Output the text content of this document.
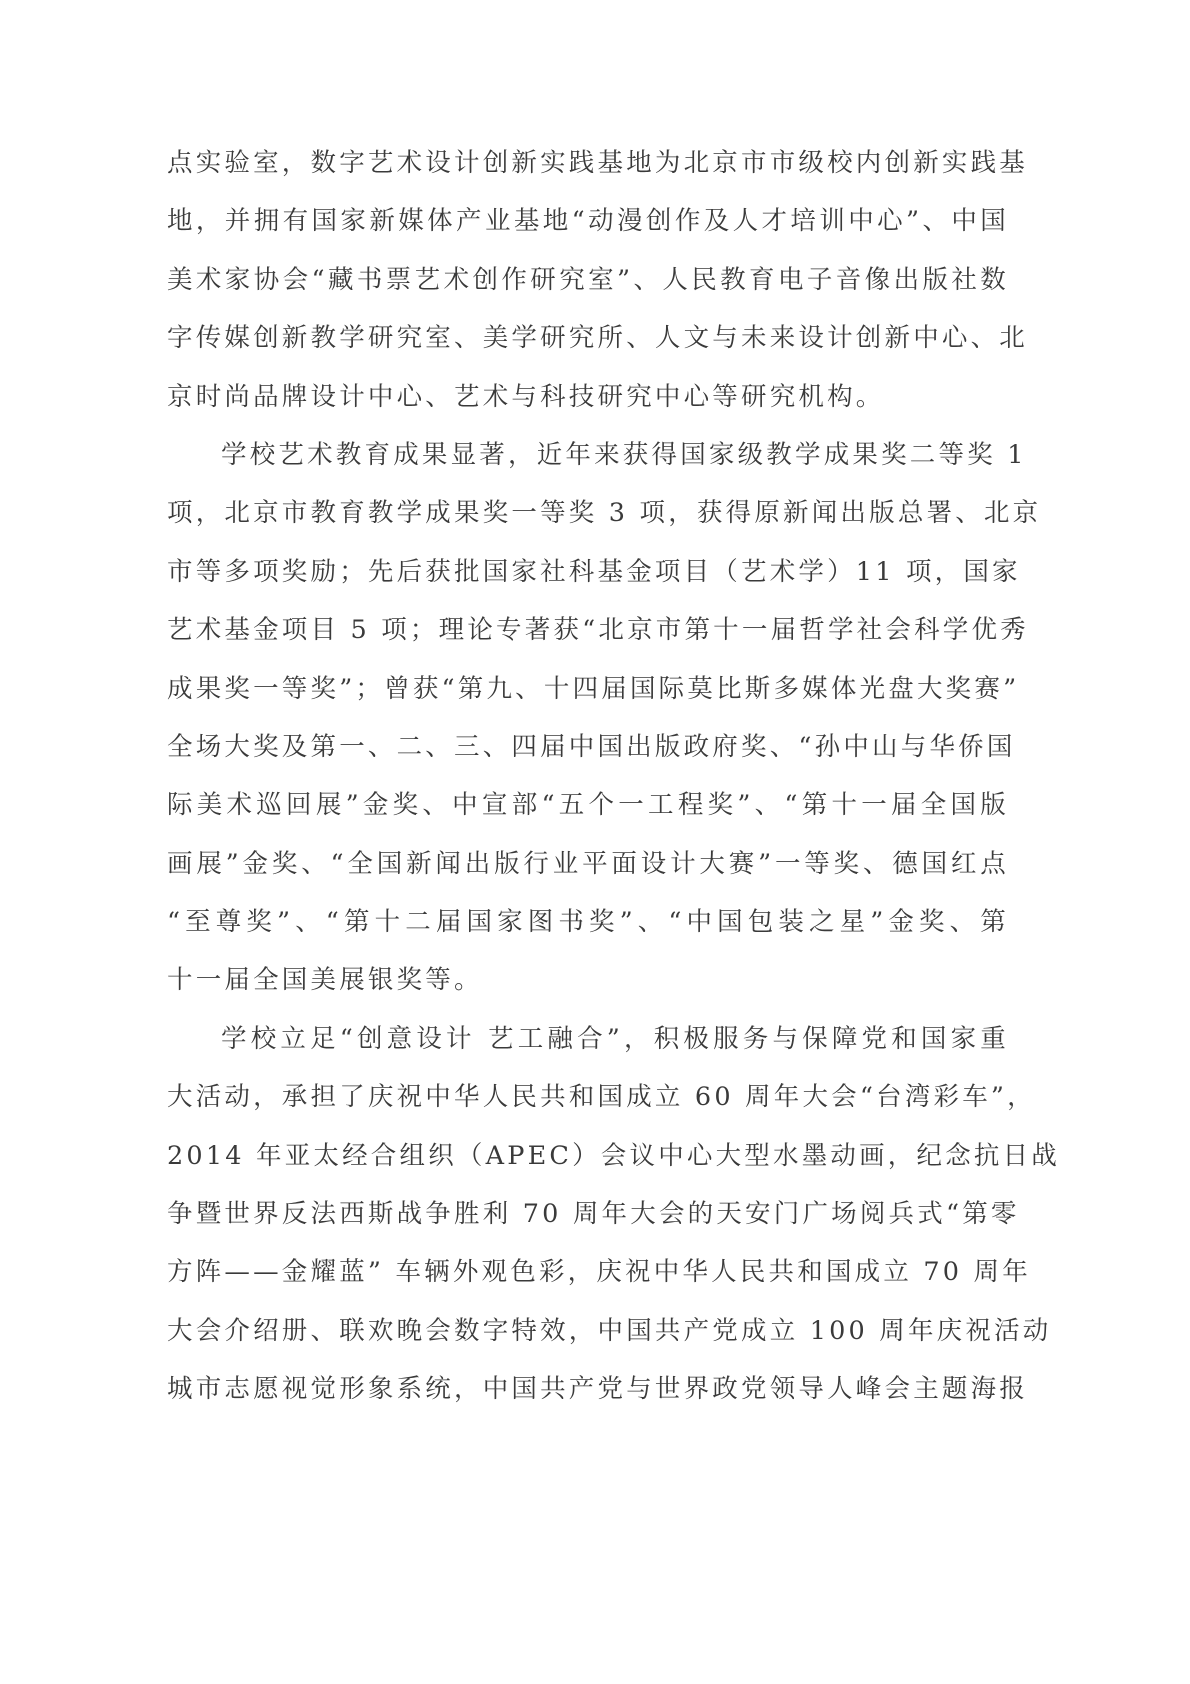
点实验室，数字艺术设计创新实践基地为北京市市级校内创新实践基
地，并拥有国家新媒体产业基地“动漫创作及人才培训中心”、中国
美术家协会“藏书票艺术创作研究室”、人民教育电子音像出版社数
字传媒创新教学研究室、美学研究所、人文与未来设计创新中心、北
京时尚品牌设计中心、艺术与科技研究中心等研究机构。
学校艺术教育成果显著，近年来获得国家级教学成果奖二等奖 1
项，北京市教育教学成果奖一等奖 3 项，获得原新闻出版总署、北京
市等多项奖励；先后获批国家社科基金项目（艺术学）11 项，国家
艺术基金项目 5 项；理论专著获“北京市第十一届哲学社会科学优秀
成果奖一等奖”；曾获“第九、十四届国际莫比斯多媒体光盘大奖赛”
全场大奖及第一、二、三、四届中国出版政府奖、“孙中山与华侨国
际美术巡回展”金奖、中宣部“五个一工程奖”、“第十一届全国版
画展”金奖、“全国新闻出版行业平面设计大赛”一等奖、德国红点
“至尊奖”、“第十二届国家图书奖”、“中国包装之星”金奖、第
十一届全国美展银奖等。
学校立足“创意设计 艺工融合”，积极服务与保障党和国家重
大活动，承担了庆祝中华人民共和国成立 60 周年大会“台湾彩车”，
2014 年亚太经合组织（APEC）会议中心大型水墨动画，纪念抗日战
争暨世界反法西斯战争胜利 70 周年大会的天安门广场阅兵式“第零
方阵——金耀蓝” 车辆外观色彩，庆祝中华人民共和国成立 70 周年
大会介绍册、联欢晚会数字特效，中国共产党成立 100 周年庆祝活动
城市志愿视觉形象系统，中国共产党与世界政党领导人峰会主题海报
